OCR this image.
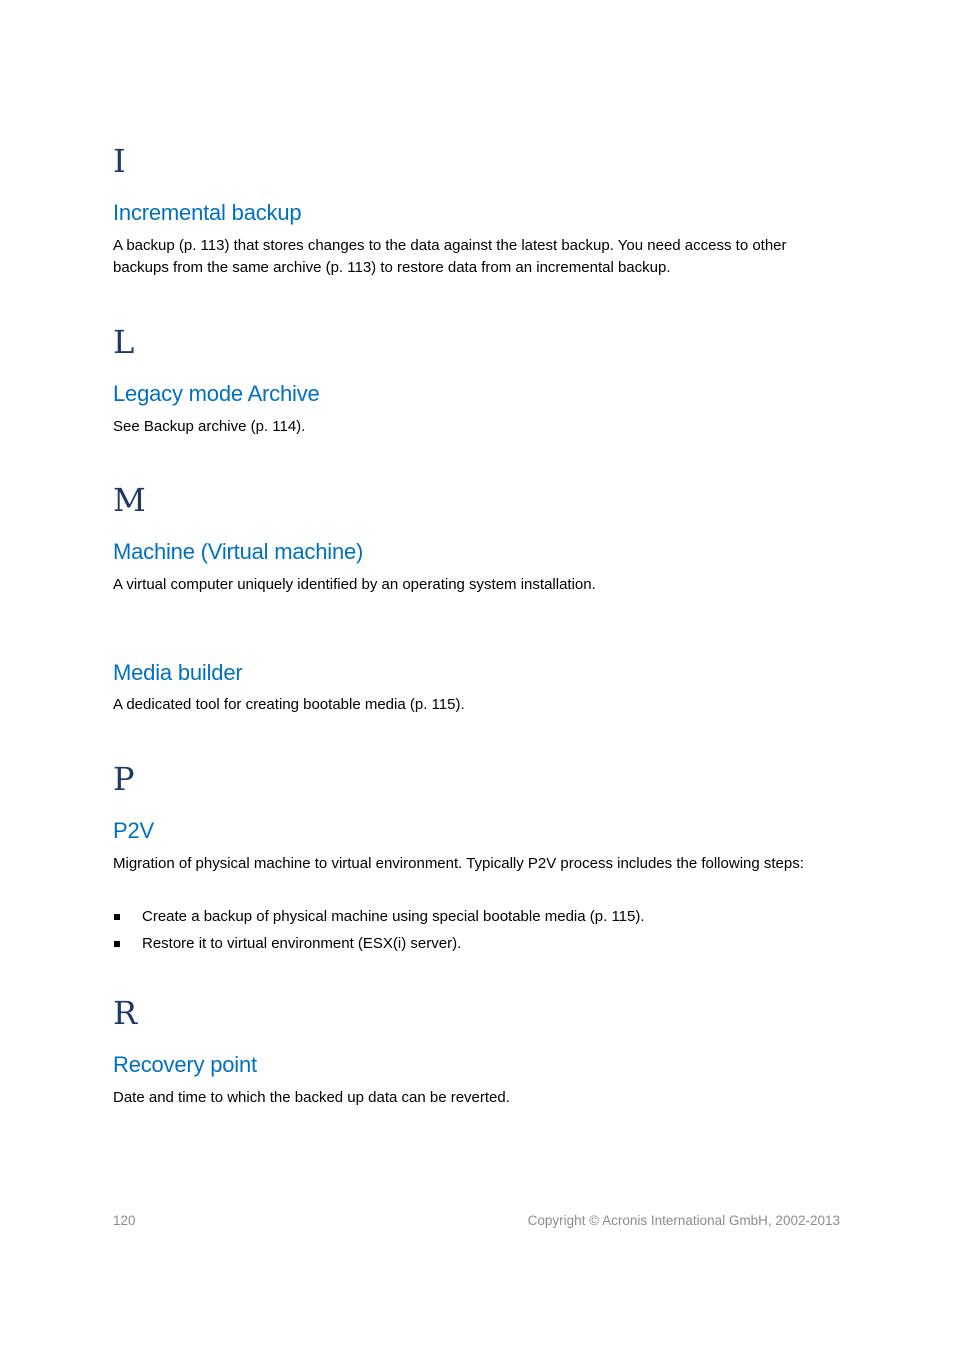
I
Incremental backup

A backup (p. 113) that stores changes to the data against the latest backup. You need access to other backups from the same archive (p. 113) to restore data from an incremental backup.

L
Legacy mode Archive

See Backup archive (p. 114).

M
Machine (Virtual machine)

A virtual computer uniquely identified by an operating system installation.

Media builder

A dedicated tool for creating bootable media (p. 115).

P
P2V

Migration of physical machine to virtual environment. Typically P2V process includes the following steps:

Create a backup of physical machine using special bootable media (p. 115).
Restore it to virtual environment (ESX(i) server).
R
Recovery point

Date and time to which the backed up data can be reverted.

120	Copyright © Acronis International GmbH, 2002-2013
